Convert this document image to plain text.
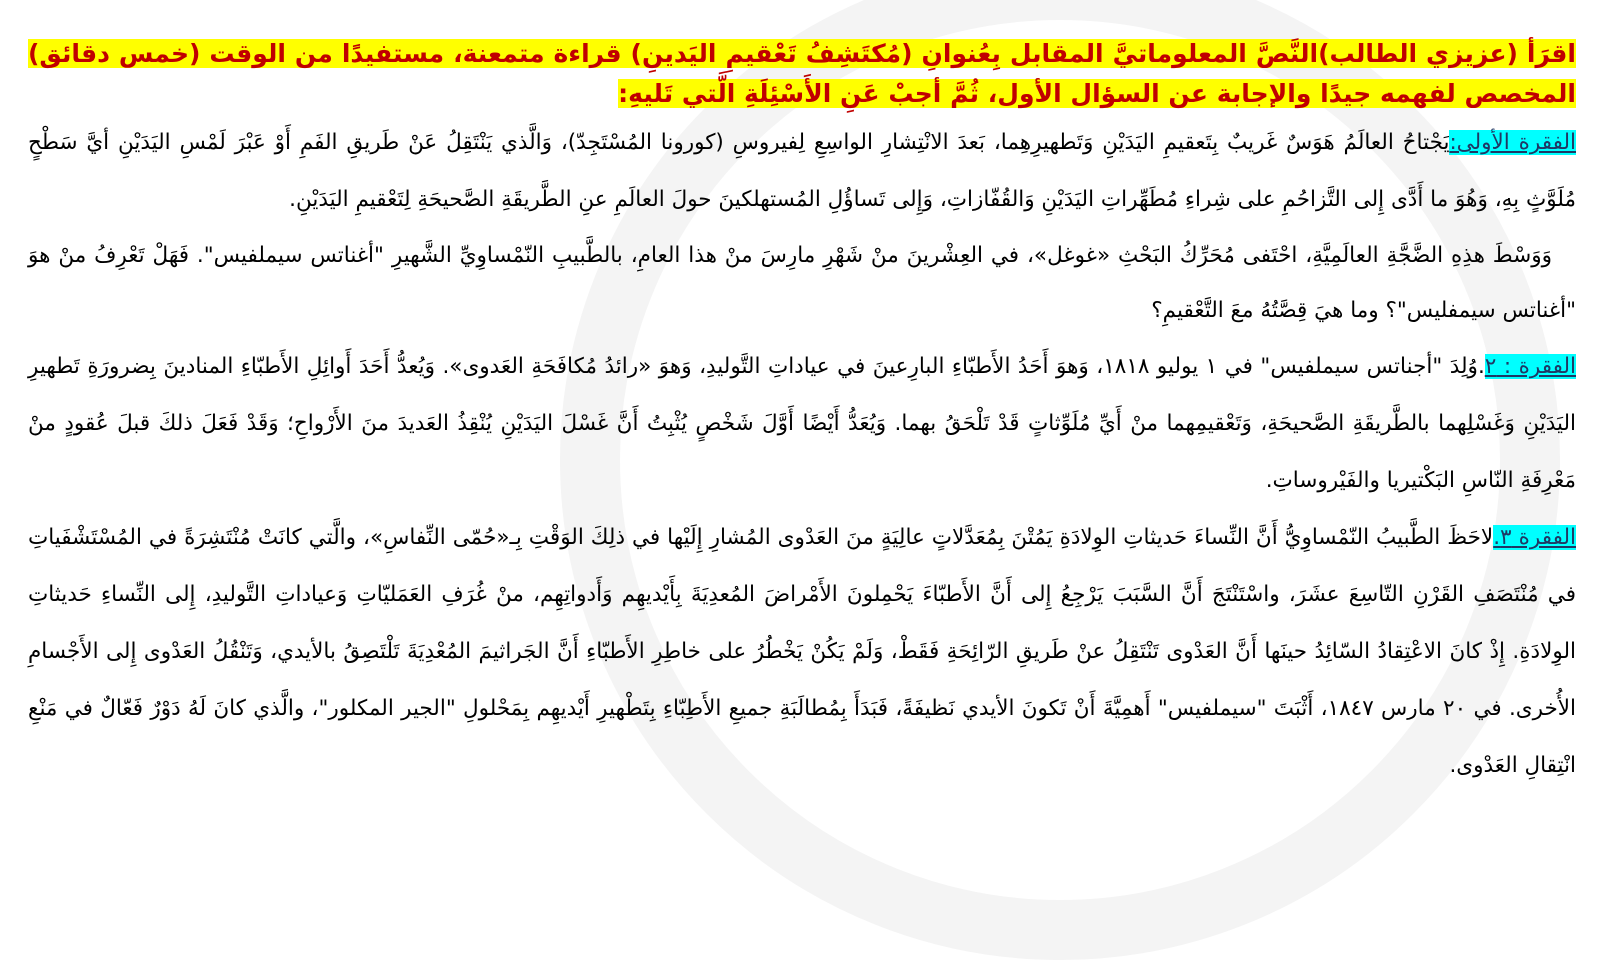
اقرَأ (عزيزي الطالب)النَّصَّ المعلوماتيَّ المقابل بِعُنوانِ (مُكتَشِفُ تَعْقيمِ اليَدينِ) قراءة متمعنة، مستفيدًا من الوقت (خمس دقائق) المخصص لفهمه جيدًا والإجابة عن السؤال الأول، ثُمَّ أجبْ عَنِ الأَسْئِلَةِ الَّتي تَليهِ:

الفقرة الأولى:يَجْتاحُ العالَمُ هَوَسٌ غَريبٌ بِتَعقيمِ اليَدَيْنِ وَتَطهيرِهِما، بَعدَ الانْتِشارِ الواسِعِ لِفيروسِ (كورونا المُسْتَجِدّ)، وَالَّذي يَنْتَقِلُ عَنْ طَريقِ الفَمِ أَوْ عَبْرَ لَمْسِ اليَدَيْنِ أيَّ سَطْحٍ مُلَوَّثٍ بِهِ، وَهُوَ ما أَدَّى إِلى التَّزاحُمِ على شِراءِ مُطَهِّراتِ اليَدَيْنِ وَالقُفّازاتِ، وَإِلى تَساؤُلِ المُستهلكينَ حولَ العالَمِ عنِ الطَّريقَةِ الصَّحيحَةِ لِتَعْقيمِ اليَدَيْنِ.

وَوَسْطَ هذِهِ الضَّجَّةِ العالَمِيَّةِ، احْتَفى مُحَرِّكُ البَحْثِ «غوغل»، في العِشْرينَ منْ شَهْرِ مارِسَ منْ هذا العامِ، بالطَّبيبِ النّمْساوِيِّ الشَّهيرِ "أغناتس سيملفيس". فَهَلْ تَعْرِفُ منْ هوَ "أغناتس سيمفليس"؟ وما هيَ قِصَّتُهُ معَ التَّعْقيمِ؟

الفقرة : ٢.وُلِدَ "أجناتس سيملفيس" في ١ يوليو ١٨١٨، وَهوَ أَحَدُ الأَطبّاءِ البارِعينَ في عياداتِ التَّوليدِ، وَهوَ «رائدُ مُكافَحَةِ العَدوى». وَيُعدُّ أَحَدَ أَوائِلِ الأَطبّاءِ المنادينَ بِضرورَةِ تَطهيرِ اليَدَيْنِ وَغَسْلِهما بالطَّريقَةِ الصَّحيحَةِ، وَتَعْقيمِهما منْ أَيِّ مُلَوِّثاتٍ قَدْ تَلْحَقُ بهما. وَيُعَدُّ أَيْضًا أَوَّلَ شَخْصٍ يُثْبِتُ أَنَّ غَسْلَ اليَدَيْنِ يُنْقِذُ العَديدَ منَ الأَرْواحِ؛ وَقَدْ فَعَلَ ذلكَ قبلَ عُقودٍ منْ مَعْرِفَةِ النّاسِ البَكْتيريا والفَيْروساتِ.

الفقرة ٣.لاحَظَ الطَّبيبُ النّمْساوِيُّ أَنَّ النِّساءَ حَديثاتِ الوِلادَةِ يَمُتْنَ بِمُعَدَّلاتٍ عالِيَةٍ منَ العَدْوى المُشارِ إِلَيْها في ذلِكَ الوَقْتِ بِـ«حُمّى النِّفاسِ»، والَّتي كانَتْ مُنْتَشِرَةً في المُسْتَشْفَياتِ في مُنْتَصَفِ القَرْنِ التّاسِعَ عشَرَ، واسْتَنْتَجَ أَنَّ السَّبَبَ يَرْجِعُ إِلى أَنَّ الأَطبّاءَ يَحْمِلونَ الأَمْراضَ المُعدِيَةَ بِأَيْديهِم وَأَدواتِهِم، منْ غُرَفِ العَمَليّاتِ وَعياداتِ التَّوليدِ، إِلى النِّساءِ حَديثاتِ الوِلادَةِ. إِذْ كانَ الاعْتِقادُ السّائِدُ حينَها أَنَّ العَدْوى تَنْتَقِلُ عنْ طَريقِ الرّائِحَةِ فَقَطْ، وَلَمْ يَكُنْ يَخْطُرُ على خاطِرِ الأَطبّاءِ أَنَّ الجَراثيمَ المُعْدِيَةَ تَلْتَصِقُ بالأيدي، وَتَنْقُلُ العَدْوى إِلى الأَجْسامِ الأُخرى. في ٢٠ مارس ١٨٤٧، أَثْبَتَ "سيملفيس" أَهمِيَّةَ أَنْ تَكونَ الأيدي نَظيفَةً، فَبَدَأَ بِمُطالَبَةِ جميعِ الأَطِبّاءِ بِتَطْهيرِ أَيْديهِم بِمَحْلولِ "الجير المكلور"، والَّذي كانَ لَهُ دَوْرٌ فَعّالٌ في مَنْعِ انْتِقالِ العَدْوى.
